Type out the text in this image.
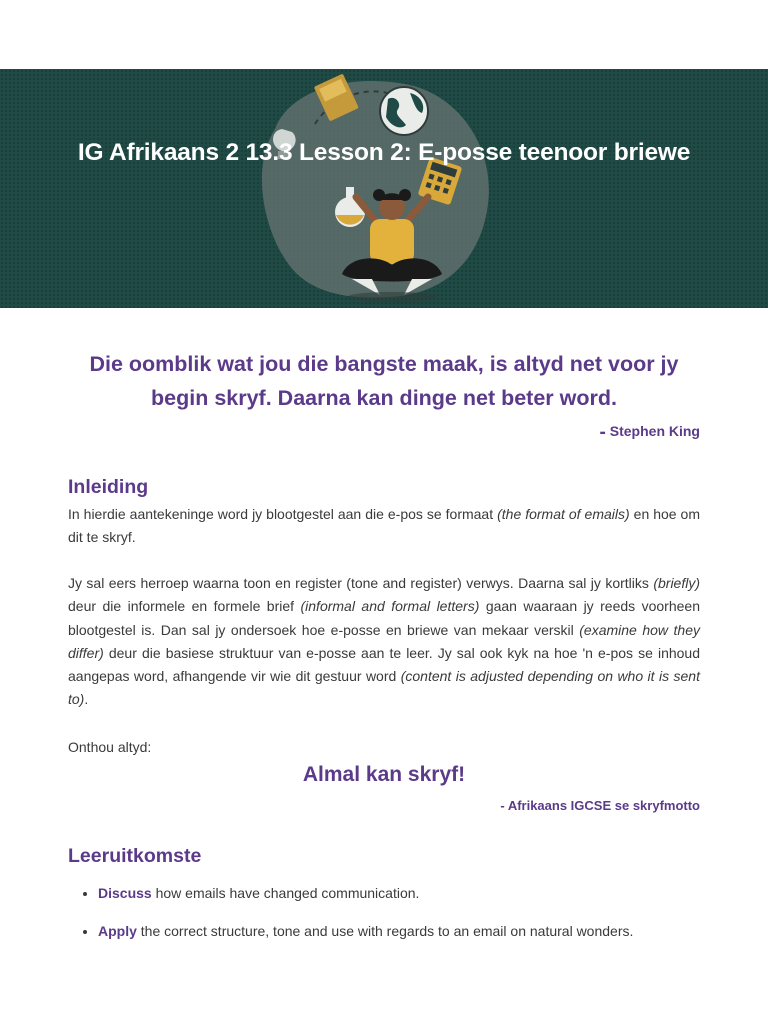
IG Afrikaans 2 13.3 Lesson 2: E-posse teenoor briewe

Die oomblik wat jou die bangste maak, is altyd net voor jy begin skryf. Daarna kan dinge net beter word.

- Stephen King
Inleiding

In hierdie aantekeninge word jy blootgestel aan die e-pos se formaat (the format of emails) en hoe om dit te skryf.

Jy sal eers herroep waarna toon en register (tone and register) verwys. Daarna sal jy kortliks (briefly) deur die informele en formele brief (informal and formal letters) gaan waaraan jy reeds voorheen blootgestel is. Dan sal jy ondersoek hoe e-posse en briewe van mekaar verskil (examine how they differ) deur die basiese struktuur van e-posse aan te leer. Jy sal ook kyk na hoe 'n e-pos se inhoud aangepas word, afhangende vir wie dit gestuur word (content is adjusted depending on who it is sent to).

Onthou altyd:

Almal kan skryf!

- Afrikaans IGCSE se skryfmotto
Leeruitkomste
• Discuss how emails have changed communication.
• Apply the correct structure, tone and use with regards to an email on natural wonders.
